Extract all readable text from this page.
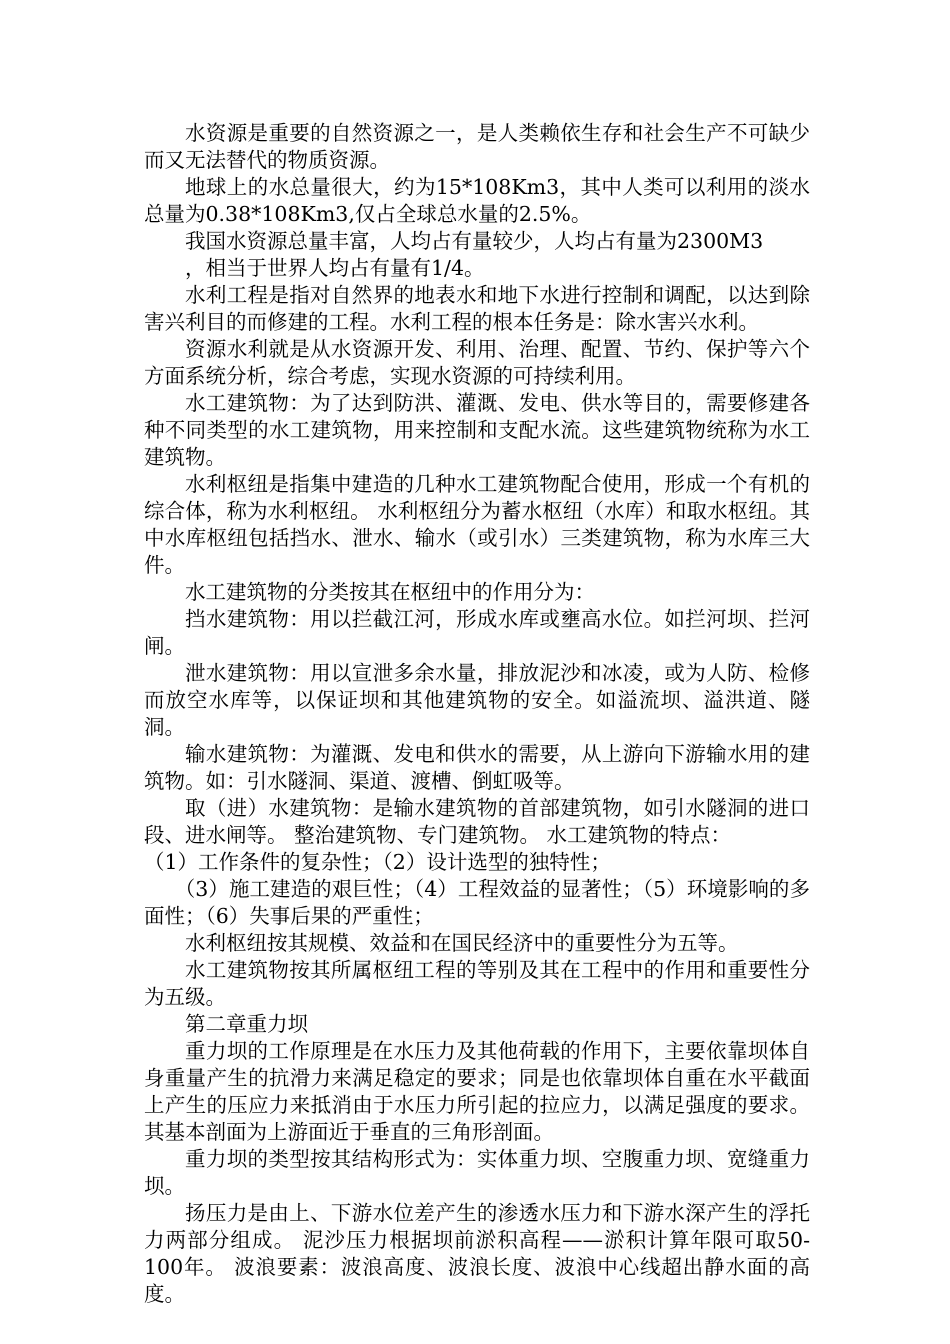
水资源是重要的自然资源之一，是人类赖依生存和社会生产不可缺少而又无法替代的物质资源。

地球上的水总量很大，约为15*108Km3，其中人类可以利用的淡水总量为0.38*108Km3,仅占全球总水量的2.5%。

我国水资源总量丰富，人均占有量较少，人均占有量为2300M3

，相当于世界人均占有量有1/4。

水利工程是指对自然界的地表水和地下水进行控制和调配，以达到除害兴利目的而修建的工程。水利工程的根本任务是：除水害兴水利。

资源水利就是从水资源开发、利用、治理、配置、节约、保护等六个方面系统分析，综合考虑，实现水资源的可持续利用。

水工建筑物：为了达到防洪、灌溉、发电、供水等目的，需要修建各种不同类型的水工建筑物，用来控制和支配水流。这些建筑物统称为水工建筑物。

水利枢纽是指集中建造的几种水工建筑物配合使用，形成一个有机的综合体，称为水利枢纽。 水利枢纽分为蓄水枢纽（水库）和取水枢纽。其中水库枢纽包括挡水、泄水、输水（或引水）三类建筑物，称为水库三大件。

水工建筑物的分类按其在枢纽中的作用分为：

挡水建筑物：用以拦截江河，形成水库或壅高水位。如拦河坝、拦河闸。

泄水建筑物：用以宣泄多余水量，排放泥沙和冰凌，或为人防、检修而放空水库等，以保证坝和其他建筑物的安全。如溢流坝、溢洪道、隧洞。

输水建筑物：为灌溉、发电和供水的需要，从上游向下游输水用的建筑物。如：引水隧洞、渠道、渡槽、倒虹吸等。

取（进）水建筑物：是输水建筑物的首部建筑物，如引水隧洞的进口段、进水闸等。 整治建筑物、专门建筑物。 水工建筑物的特点：

（1）工作条件的复杂性；（2）设计选型的独特性；

（3）施工建造的艰巨性；（4）工程效益的显著性；（5）环境影响的多面性；（6）失事后果的严重性；

水利枢纽按其规模、效益和在国民经济中的重要性分为五等。

水工建筑物按其所属枢纽工程的等别及其在工程中的作用和重要性分为五级。

第二章重力坝

重力坝的工作原理是在水压力及其他荷载的作用下，主要依靠坝体自身重量产生的抗滑力来满足稳定的要求；同是也依靠坝体自重在水平截面上产生的压应力来抵消由于水压力所引起的拉应力，以满足强度的要求。其基本剖面为上游面近于垂直的三角形剖面。

重力坝的类型按其结构形式为：实体重力坝、空腹重力坝、宽缝重力坝。

扬压力是由上、下游水位差产生的渗透水压力和下游水深产生的浮托力两部分组成。 泥沙压力根据坝前淤积高程——淤积计算年限可取50-100年。 波浪要素：波浪高度、波浪长度、波浪中心线超出静水面的高度。
